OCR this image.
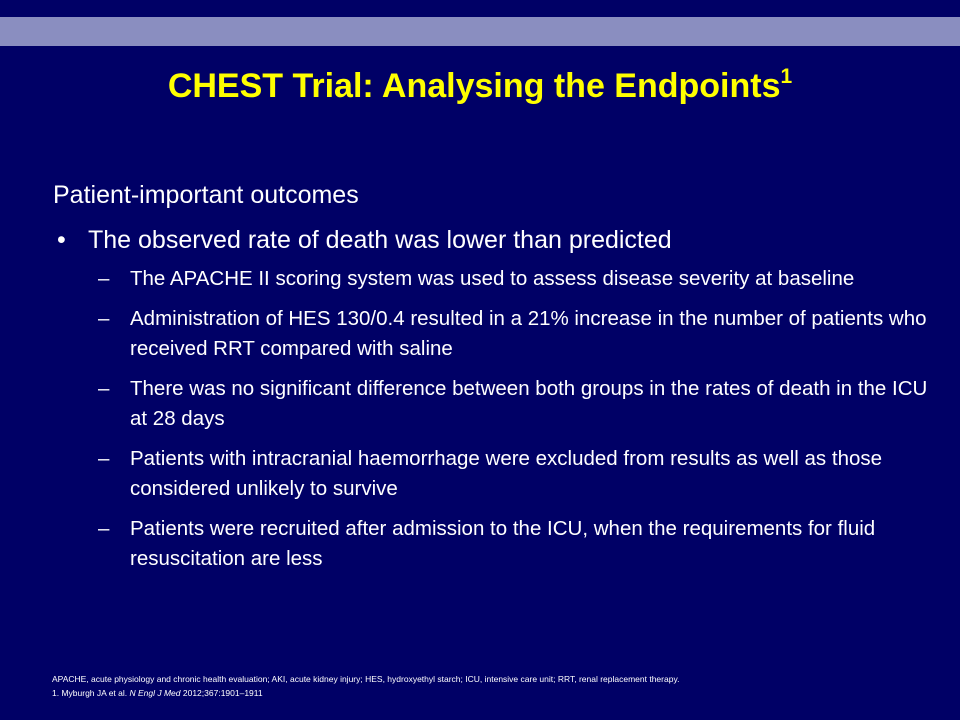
CHEST Trial: Analysing the Endpoints$^1$
Patient-important outcomes
• The observed rate of death was lower than predicted
– The APACHE II scoring system was used to assess disease severity at baseline
– Administration of HES 130/0.4 resulted in a 21% increase in the number of patients who received RRT compared with saline
– There was no significant difference between both groups in the rates of death in the ICU at 28 days
– Patients with intracranial haemorrhage were excluded from results as well as those considered unlikely to survive
– Patients were recruited after admission to the ICU, when the requirements for fluid resuscitation are less
APACHE, acute physiology and chronic health evaluation; AKI, acute kidney injury; HES, hydroxyethyl starch; ICU, intensive care unit; RRT, renal replacement therapy.
1. Myburgh JA et al. N Engl J Med 2012;367:1901–1911
